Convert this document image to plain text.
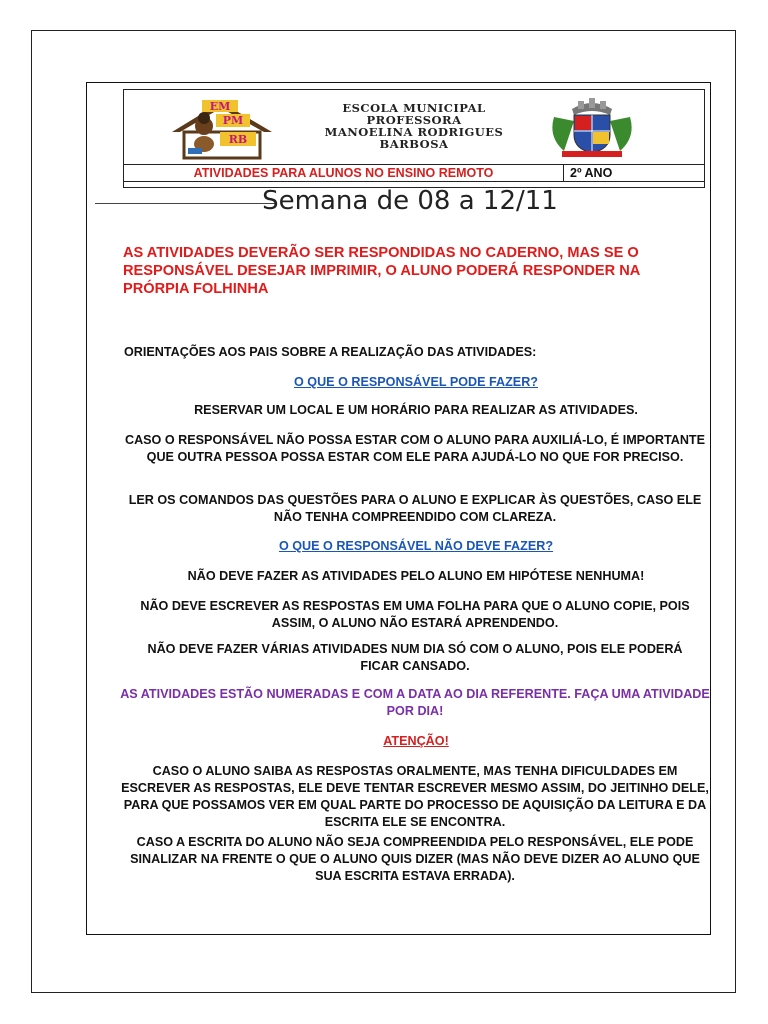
EM
PM
RB
ESCOLA MUNICIPAL
PROFESSORA
MANOELINA RODRIGUES
BARBOSA
ATIVIDADES PARA ALUNOS NO ENSINO REMOTO	2º ANO
Semana de 08 a 12/11
AS ATIVIDADES DEVERÃO SER RESPONDIDAS NO CADERNO, MAS SE O RESPONSÁVEL DESEJAR IMPRIMIR, O ALUNO PODERÁ RESPONDER NA PRÓRPIA FOLHINHA
ORIENTAÇÕES AOS PAIS SOBRE A REALIZAÇÃO DAS ATIVIDADES:
O QUE O RESPONSÁVEL PODE FAZER?
RESERVAR UM LOCAL E UM HORÁRIO PARA REALIZAR AS ATIVIDADES.
CASO O RESPONSÁVEL NÃO POSSA ESTAR COM O ALUNO PARA AUXILIÁ-LO, É IMPORTANTE QUE OUTRA PESSOA POSSA ESTAR COM ELE PARA AJUDÁ-LO NO QUE FOR PRECISO.
LER OS COMANDOS DAS QUESTÕES PARA O ALUNO E EXPLICAR ÀS QUESTÕES, CASO ELE NÃO TENHA COMPREENDIDO COM CLAREZA.
O QUE O RESPONSÁVEL NÃO DEVE FAZER?
NÃO DEVE FAZER AS ATIVIDADES PELO ALUNO EM HIPÓTESE NENHUMA!
NÃO DEVE ESCREVER AS RESPOSTAS EM UMA FOLHA PARA QUE O ALUNO COPIE, POIS ASSIM, O ALUNO NÃO ESTARÁ APRENDENDO.
NÃO DEVE FAZER VÁRIAS ATIVIDADES NUM DIA SÓ COM O ALUNO, POIS ELE PODERÁ FICAR CANSADO.
AS ATIVIDADES ESTÃO NUMERADAS E COM A DATA AO DIA REFERENTE. FAÇA UMA ATIVIDADE POR DIA!
ATENÇÃO!
CASO O ALUNO SAIBA AS RESPOSTAS ORALMENTE, MAS TENHA DIFICULDADES EM ESCREVER AS RESPOSTAS, ELE DEVE TENTAR ESCREVER MESMO ASSIM, DO JEITINHO DELE, PARA QUE POSSAMOS VER EM QUAL PARTE DO PROCESSO DE AQUISIÇÃO DA LEITURA E DA ESCRITA ELE SE ENCONTRA.
CASO A ESCRITA DO ALUNO NÃO SEJA COMPREENDIDA PELO RESPONSÁVEL, ELE PODE SINALIZAR NA FRENTE O QUE O ALUNO QUIS DIZER (MAS NÃO DEVE DIZER AO ALUNO QUE SUA ESCRITA ESTAVA ERRADA).
